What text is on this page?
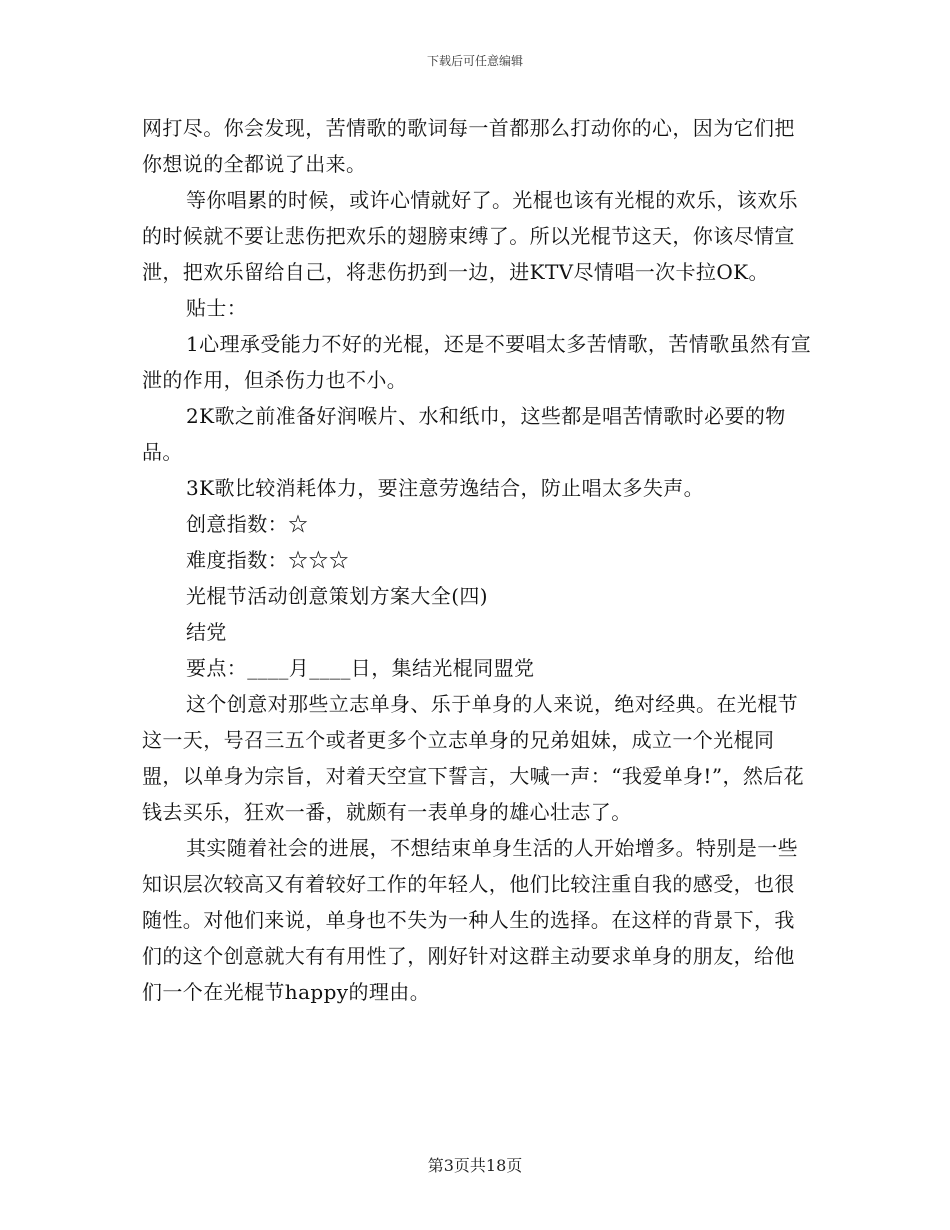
下载后可任意编辑

网打尽。你会发现，苦情歌的歌词每一首都那么打动你的心，因为它们把你想说的全都说了出来。

等你唱累的时候，或许心情就好了。光棍也该有光棍的欢乐，该欢乐的时候就不要让悲伤把欢乐的翅膀束缚了。所以光棍节这天，你该尽情宣泄，把欢乐留给自己，将悲伤扔到一边，进KTV尽情唱一次卡拉OK。

贴士：

1心理承受能力不好的光棍，还是不要唱太多苦情歌，苦情歌虽然有宣泄的作用，但杀伤力也不小。

2K歌之前准备好润喉片、水和纸巾，这些都是唱苦情歌时必要的物品。

3K歌比较消耗体力，要注意劳逸结合，防止唱太多失声。

创意指数：☆

难度指数：☆☆☆

光棍节活动创意策划方案大全(四)

结党

要点：____月____日，集结光棍同盟党

这个创意对那些立志单身、乐于单身的人来说，绝对经典。在光棍节这一天，号召三五个或者更多个立志单身的兄弟姐妹，成立一个光棍同盟，以单身为宗旨，对着天空宣下誓言，大喊一声：“我爱单身!”，然后花钱去买乐，狂欢一番，就颇有一表单身的雄心壮志了。

其实随着社会的进展，不想结束单身生活的人开始增多。特别是一些知识层次较高又有着较好工作的年轻人，他们比较注重自我的感受，也很随性。对他们来说，单身也不失为一种人生的选择。在这样的背景下，我们的这个创意就大有有用性了，刚好针对这群主动要求单身的朋友，给他们一个在光棍节happy的理由。

第3页共18页
